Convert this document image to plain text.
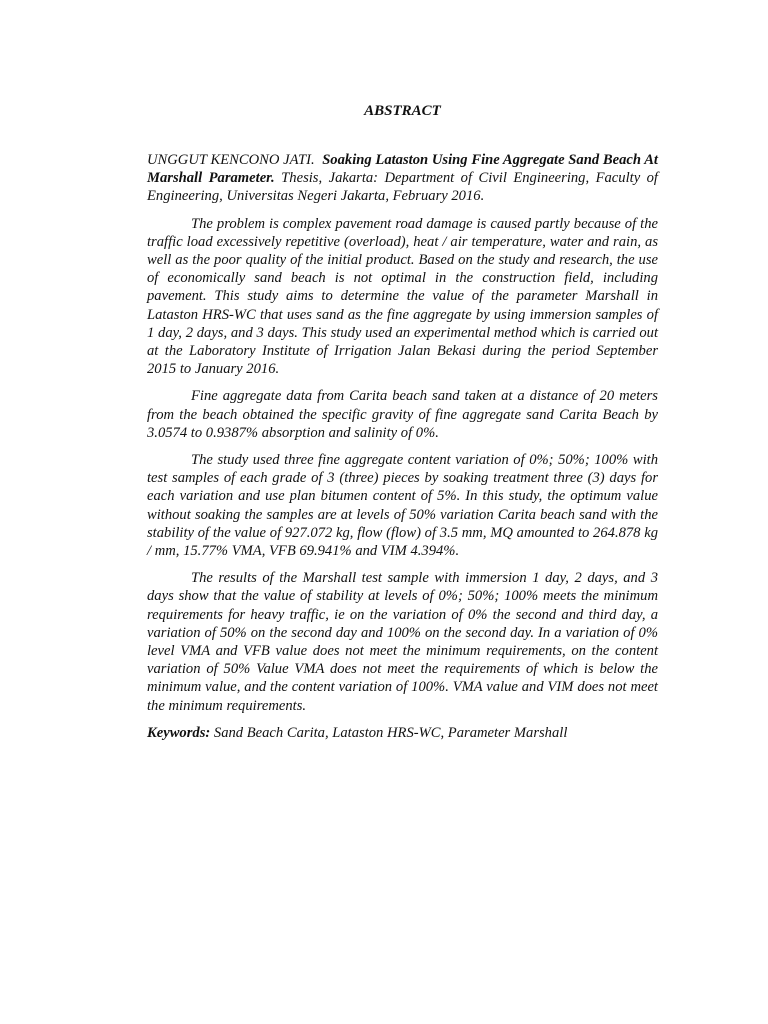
ABSTRACT

UNGGUT KENCONO JATI. Soaking Lataston Using Fine Aggregate Sand Beach At Marshall Parameter. Thesis, Jakarta: Department of Civil Engineering, Faculty of Engineering, Universitas Negeri Jakarta, February 2016.

The problem is complex pavement road damage is caused partly because of the traffic load excessively repetitive (overload), heat / air temperature, water and rain, as well as the poor quality of the initial product. Based on the study and research, the use of economically sand beach is not optimal in the construction field, including pavement. This study aims to determine the value of the parameter Marshall in Lataston HRS-WC that uses sand as the fine aggregate by using immersion samples of 1 day, 2 days, and 3 days. This study used an experimental method which is carried out at the Laboratory Institute of Irrigation Jalan Bekasi during the period September 2015 to January 2016.

Fine aggregate data from Carita beach sand taken at a distance of 20 meters from the beach obtained the specific gravity of fine aggregate sand Carita Beach by 3.0574 to 0.9387% absorption and salinity of 0%.

The study used three fine aggregate content variation of 0%; 50%; 100% with test samples of each grade of 3 (three) pieces by soaking treatment three (3) days for each variation and use plan bitumen content of 5%. In this study, the optimum value without soaking the samples are at levels of 50% variation Carita beach sand with the stability of the value of 927.072 kg, flow (flow) of 3.5 mm, MQ amounted to 264.878 kg / mm, 15.77% VMA, VFB 69.941% and VIM 4.394%.

The results of the Marshall test sample with immersion 1 day, 2 days, and 3 days show that the value of stability at levels of 0%; 50%; 100% meets the minimum requirements for heavy traffic, ie on the variation of 0% the second and third day, a variation of 50% on the second day and 100% on the second day. In a variation of 0% level VMA and VFB value does not meet the minimum requirements, on the content variation of 50% Value VMA does not meet the requirements of which is below the minimum value, and the content variation of 100%. VMA value and VIM does not meet the minimum requirements.

Keywords: Sand Beach Carita, Lataston HRS-WC, Parameter Marshall
